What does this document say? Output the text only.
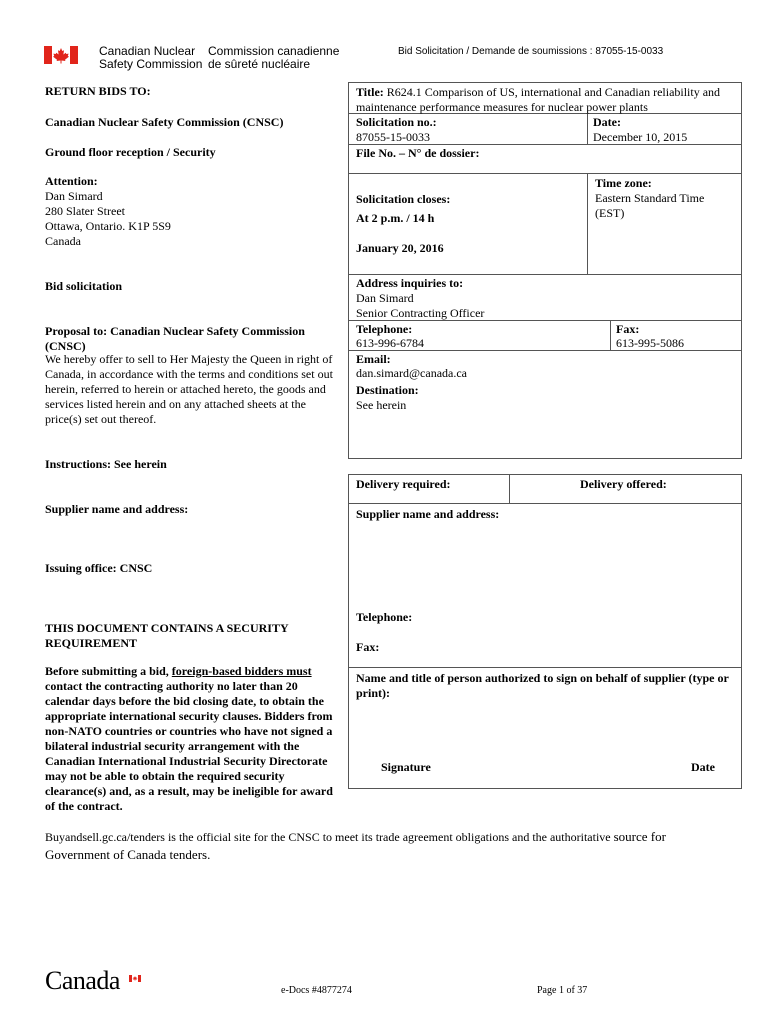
Canadian Nuclear
Safety Commission
Commission canadienne
de sûreté nucléaire
Bid Solicitation / Demande de soumissions : 87055-15-0033
RETURN BIDS TO:
Canadian Nuclear Safety Commission (CNSC)
Ground floor reception / Security
Attention:
Dan Simard
280 Slater Street
Ottawa, Ontario. K1P 5S9
Canada
Bid solicitation
Proposal to: Canadian Nuclear Safety Commission (CNSC)
We hereby offer to sell to Her Majesty the Queen in right of Canada, in accordance with the terms and conditions set out herein, referred to herein or attached hereto, the goods and services listed herein and on any attached sheets at the price(s) set out thereof.
Instructions: See herein
Supplier name and address:
Issuing office: CNSC
THIS DOCUMENT CONTAINS A SECURITY REQUIREMENT
Before submitting a bid, foreign-based bidders must contact the contracting authority no later than 20 calendar days before the bid closing date, to obtain the appropriate international security clauses. Bidders from non-NATO countries or countries who have not signed a bilateral industrial security arrangement with the Canadian International Industrial Security Directorate may not be able to obtain the required security clearance(s) and, as a result, may be ineligible for award of the contract.
Title: R624.1 Comparison of US, international and Canadian reliability and maintenance performance measures for nuclear power plants
Solicitation no.:
87055-15-0033
Date:
December 10, 2015
File No. – N° de dossier:
Solicitation closes:
At 2 p.m. / 14 h
January 20, 2016
Time zone:
Eastern Standard Time (EST)
Address inquiries to:
Dan Simard
Senior Contracting Officer
Telephone:
613-996-6784
Fax:
613-995-5086
Email:
dan.simard@canada.ca
Destination:
See herein
Delivery required:	Delivery offered:
Supplier name and address:
Telephone:
Fax:
Name and title of person authorized to sign on behalf of supplier (type or print):
Signature	Date
Buyandsell.gc.ca/tenders is the official site for the CNSC to meet its trade agreement obligations and the authoritative source for
Government of Canada tenders.
Canada	e-Docs #4877274	Page 1 of 37
